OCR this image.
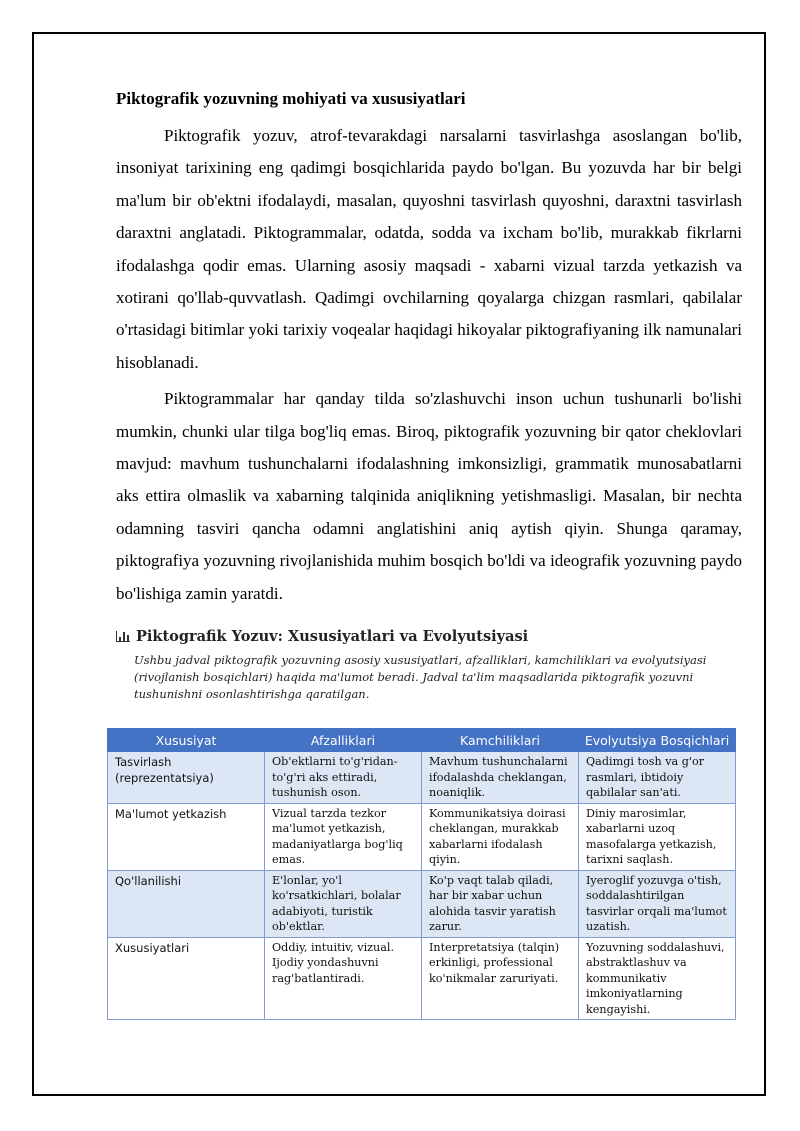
Piktografik yozuvning mohiyati va xususiyatlari

Piktografik yozuv, atrof-tevarakdagi narsalarni tasvirlashga asoslangan bo'lib, insoniyat tarixining eng qadimgi bosqichlarida paydo bo'lgan. Bu yozuvda har bir belgi ma'lum bir ob'ektni ifodalaydi, masalan, quyoshni tasvirlash quyoshni, daraxtni tasvirlash daraxtni anglatadi. Piktogrammalar, odatda, sodda va ixcham bo'lib, murakkab fikrlarni ifodalashga qodir emas. Ularning asosiy maqsadi - xabarni vizual tarzda yetkazish va xotirani qo'llab-quvvatlash. Qadimgi ovchilarning qoyalarga chizgan rasmlari, qabilalar o'rtasidagi bitimlar yoki tarixiy voqealar haqidagi hikoyalar piktografiyaning ilk namunalari hisoblanadi.

Piktogrammalar har qanday tilda so'zlashuvchi inson uchun tushunarli bo'lishi mumkin, chunki ular tilga bog'liq emas. Biroq, piktografik yozuvning bir qator cheklovlari mavjud: mavhum tushunchalarni ifodalashning imkonsizligi, grammatik munosabatlarni aks ettira olmaslik va xabarning talqinida aniqlikning yetishmasligi. Masalan, bir nechta odamning tasviri qancha odamni anglatishini aniq aytish qiyin. Shunga qaramay, piktografiya yozuvning rivojlanishida muhim bosqich bo'ldi va ideografik yozuvning paydo bo'lishiga zamin yaratdi.

Piktografik Yozuv: Xususiyatlari va Evolyutsiyasi
Ushbu jadval piktografik yozuvning asosiy xususiyatlari, afzalliklari, kamchiliklari va evolyutsiyasi (rivojlanish bosqichlari) haqida ma'lumot beradi. Jadval ta'lim maqsadlarida piktografik yozuvni tushunishni osonlashtirishga qaratilgan.
Xususiyat	Afzalliklari	Kamchiliklari	Evolyutsiya Bosqichlari
Tasvirlash (reprezentatsiya)	Ob'ektlarni to'g'ridan-to'g'ri aks ettiradi, tushunish oson.	Mavhum tushunchalarni ifodalashda cheklangan, noaniqlik.	Qadimgi tosh va g'or rasmlari, ibtidoiy qabilalar san'ati.
Ma'lumot yetkazish	Vizual tarzda tezkor ma'lumot yetkazish, madaniyatlarga bog'liq emas.	Kommunikatsiya doirasi cheklangan, murakkab xabarlarni ifodalash qiyin.	Diniy marosimlar, xabarlarni uzoq masofalarga yetkazish, tarixni saqlash.
Qo'llanilishi	E'lonlar, yo'l ko'rsatkichlari, bolalar adabiyoti, turistik ob'ektlar.	Ko'p vaqt talab qiladi, har bir xabar uchun alohida tasvir yaratish zarur.	Iyeroglif yozuvga o'tish, soddalashtirilgan tasvirlar orqali ma'lumot uzatish.
Xususiyatlari	Oddiy, intuitiv, vizual. Ijodiy yondashuvni rag'batlantiradi.	Interpretatsiya (talqin) erkinligi, professional ko'nikmalar zaruriyati.	Yozuvning soddalashuvi, abstraktlashuv va kommunikativ imkoniyatlarning kengayishi.
